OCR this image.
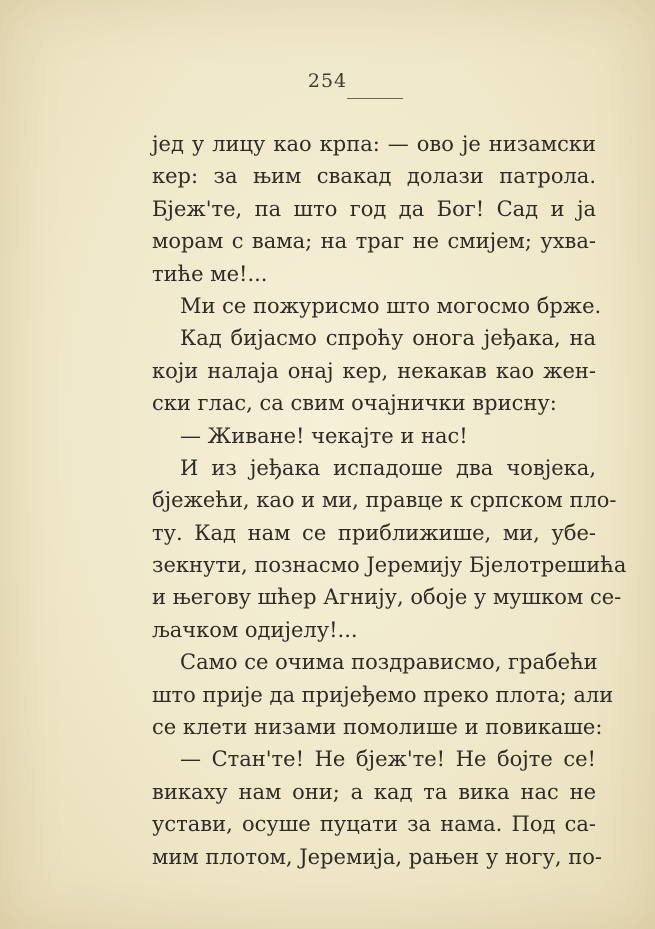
254
јед у лицу као крпа: — ово је низамски
кер: за њим свакад долази патрола.
Бјеж'те, па што год да Бог! Сад и ја
морам с вама; на траг не смијем; ухва-
тиће ме!...
Ми се пожурисмо што могосмо брже.
Кад бијасмо спроћу онога јеђака, на
који налаја онај кер, некакав као жен-
ски глас, са свим очајнички врисну:
— Живане! чекајте и нас!
И из јеђака испадоше два човјека,
бјежећи, као и ми, правце к српском пло-
ту. Кад нам се приближише, ми, убе-
зекнути, познасмо Јеремију Бјелотрешића
и његову шћер Агнију, обоје у мушком се-
љачком одијелу!...
Само се очима поздрависмо, грабећи
што прије да пријеђемо преко плота; али
се клети низами помолише и повикаше:
— Стан'те! Не бјеж'те! Не бојте се!
викаху нам они; а кад та вика нас не
устави, осуше пуцати за нама. Под са-
мим плотом, Јеремија, рањен у ногу, по-
